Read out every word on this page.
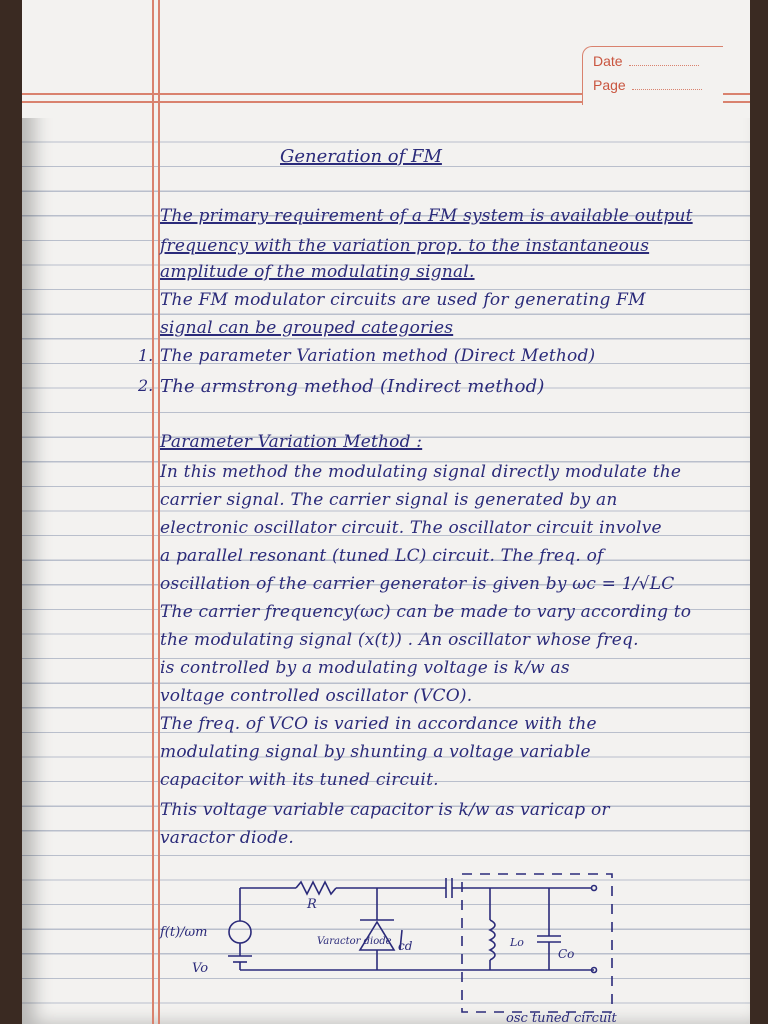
Date
Page
Generation of FM
The primary requirement of a FM system is available output
frequency with the variation prop. to the instantaneous
amplitude of the modulating signal.
The FM modulator circuits are used for generating FM
signal can be grouped categories
1. The parameter Variation method (Direct Method)
2. The armstrong method (Indirect method)
Parameter Variation Method :
In this method the modulating signal directly modulate the
carrier signal. The carrier signal is generated by an
electronic oscillator circuit. The oscillator circuit involve
a parallel resonant (tuned LC) circuit. The freq. of
oscillation of the carrier generator is given by ωc = 1/√LC
The carrier frequency(ωc) can be made to vary according to
the modulating signal (x(t)) . An oscillator whose freq.
is controlled by a modulating voltage is k/w as
voltage controlled oscillator (VCO).
The freq. of VCO is varied in accordance with the
modulating signal by shunting a voltage variable
capacitor with its tuned circuit.
This voltage variable capacitor is k/w as varicap or
varactor diode.
f(t)/ωm
Vo
R
Varactor diode cd	Lo
Co
osc tuned circuit
